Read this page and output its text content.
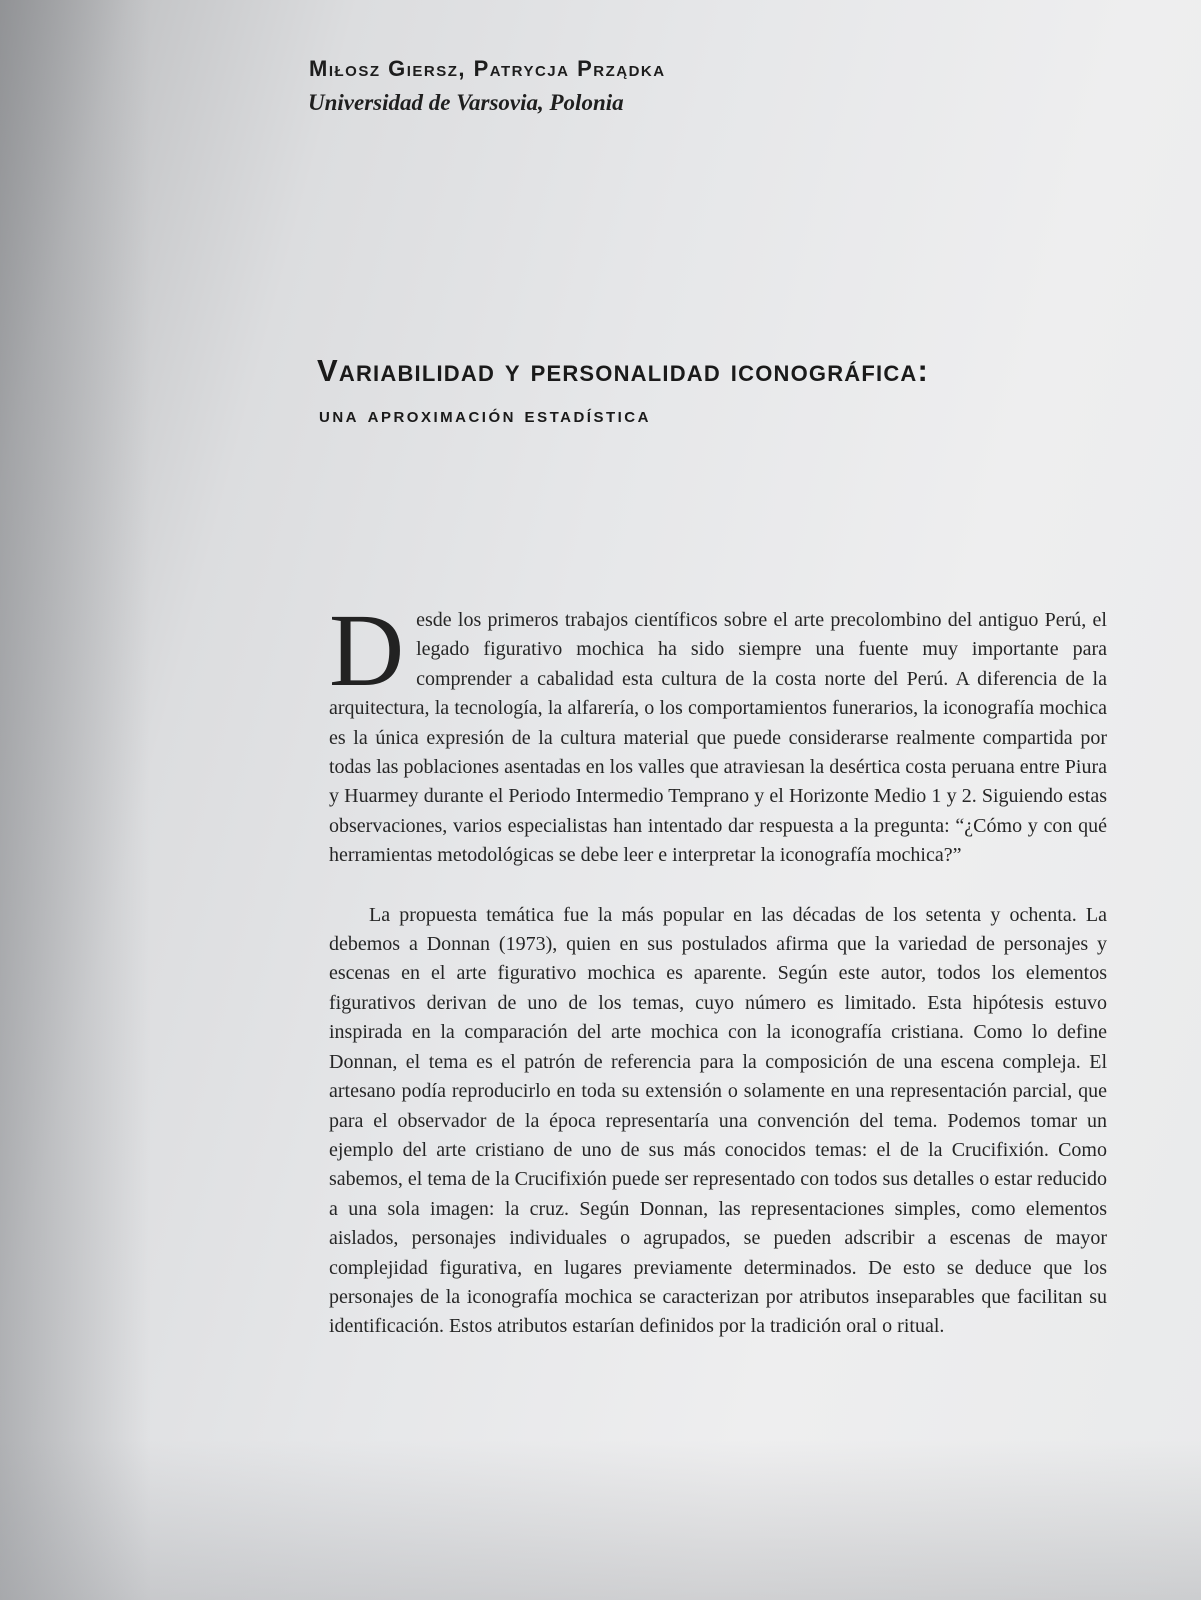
Miłosz Giersz, Patrycja Prządka
Universidad de Varsovia, Polonia
Variabilidad y personalidad iconográfica:
una aproximación estadística

Desde los primeros trabajos científicos sobre el arte precolombino del antiguo Perú, el legado figurativo mochica ha sido siempre una fuente muy importante para comprender a cabalidad esta cultura de la costa norte del Perú. A diferencia de la arquitectura, la tecnología, la alfarería, o los comportamientos funerarios, la iconografía mochica es la única expresión de la cultura material que puede considerarse realmente compartida por todas las poblaciones asentadas en los valles que atraviesan la desértica costa peruana entre Piura y Huarmey durante el Periodo Intermedio Temprano y el Horizonte Medio 1 y 2. Siguiendo estas observaciones, varios especialistas han intentado dar respuesta a la pregunta: “¿Cómo y con qué herramientas metodológicas se debe leer e interpretar la iconografía mochica?”

La propuesta temática fue la más popular en las décadas de los setenta y ochenta. La debemos a Donnan (1973), quien en sus postulados afirma que la variedad de personajes y escenas en el arte figurativo mochica es aparente. Según este autor, todos los elementos figurativos derivan de uno de los temas, cuyo número es limitado. Esta hipótesis estuvo inspirada en la comparación del arte mochica con la iconografía cristiana. Como lo define Donnan, el tema es el patrón de referencia para la composición de una escena compleja. El artesano podía reproducirlo en toda su extensión o solamente en una representación parcial, que para el observador de la época representaría una convención del tema. Podemos tomar un ejemplo del arte cristiano de uno de sus más conocidos temas: el de la Crucifixión. Como sabemos, el tema de la Crucifixión puede ser representado con todos sus detalles o estar reducido a una sola imagen: la cruz. Según Donnan, las representaciones simples, como elementos aislados, personajes individuales o agrupados, se pueden adscribir a escenas de mayor complejidad figurativa, en lugares previamente determinados. De esto se deduce que los personajes de la iconografía mochica se caracterizan por atributos inseparables que facilitan su identificación. Estos atributos estarían definidos por la tradición oral o ritual.
